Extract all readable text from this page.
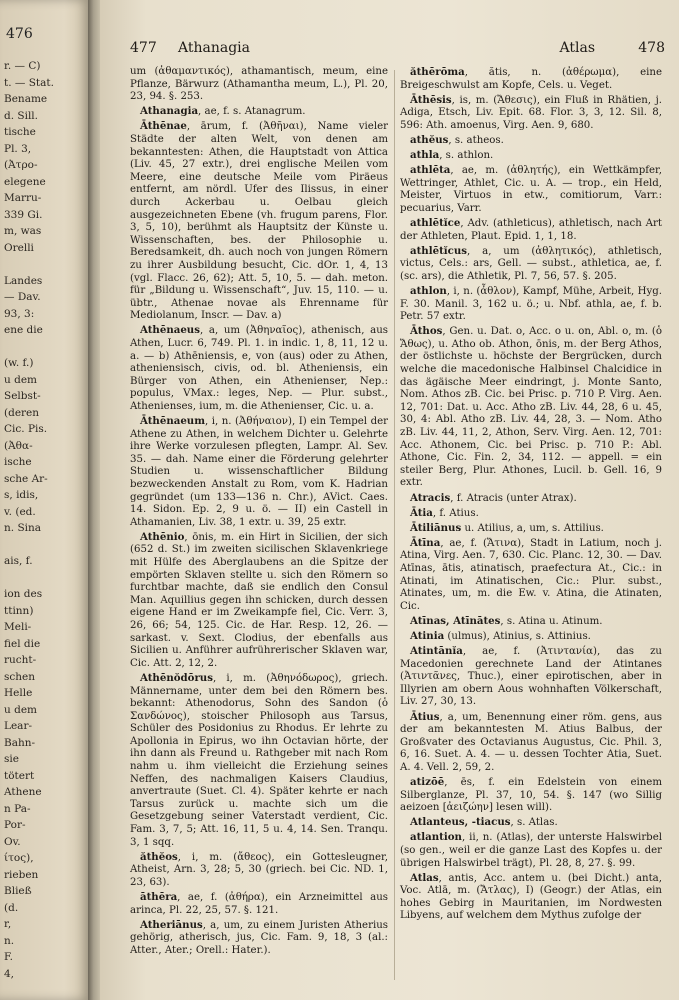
476
r. — C)
t. — Stat.
Bename
d. Sill.
tische
Pl. 3,
(Ἀτρο-
elegene
Marru-
339 Gi.
m, was
Orelli
Landes
— Dav.
93, 3:
ene die
(w. f.)
u dem
Selbst-
(deren
Cic. Pis.
(Ἀθα-
ische
sche Ar-
s, idis,
v. (ed.
n. Sina
ais, f.
ion des
ttinn)
Meli-
fiel die
rucht-
schen
Helle
u dem
Lear-
Bahn-
sie
tötert
Athene
n Pa-
Por-
Ov.
ίτος),
rieben
Bließ
(d.
r,
n.
F.
4,
477 Athanagia	Atlas	478

um (ἀθαμαντικός), athamantisch, meum, eine Pflanze, Bärwurz (Athamantha meum, L.), Pl. 20, 23, 94. §. 253.

Athanagia, ae, f. s. Atanagrum.

Āthēnae, ārum, f. (Ἀθῆναι), Name vieler Städte der alten Welt, von denen am bekanntesten: Athen, die Hauptstadt von Attica (Liv. 45, 27 extr.), drei englische Meilen vom Meere, eine deutsche Meile vom Piräeus entfernt, am nördl. Ufer des Ilissus, in einer durch Ackerbau u. Oelbau gleich ausgezeichneten Ebene (vh. frugum parens, Flor. 3, 5, 10), berühmt als Hauptsitz der Künste u. Wissenschaften, bes. der Philosophie u. Beredsamkeit, dh. auch noch von jungen Römern zu ihrer Ausbildung besucht, Cic. dOr. 1, 4, 13 (vgl. Flacc. 26, 62); Att. 5, 10, 5. — dah. meton. für „Bildung u. Wissenschaft“, Juv. 15, 110. — u. übtr., Athenae novae als Ehrenname für Mediolanum, Inscr. — Dav. a)

Athēnaeus, a, um (Ἀθηναῖος), athenisch, aus Athen, Lucr. 6, 749. Pl. 1. in indic. 1, 8, 11, 12 u. a. — b) Athēniensis, e, von (aus) oder zu Athen, atheniensisch, civis, od. bl. Atheniensis, ein Bürger von Athen, ein Athenienser, Nep.: populus, VMax.: leges, Nep. — Plur. subst., Athenienses, ium, m. die Athenienser, Cic. u. a.

Āthēnaeum, i, n. (Ἀθήναιον), I) ein Tempel der Athene zu Athen, in welchem Dichter u. Gelehrte ihre Werke vorzulesen pflegten, Lampr. Al. Sev. 35. — dah. Name einer die Förderung gelehrter Studien u. wissenschaftlicher Bildung bezweckenden Anstalt zu Rom, vom K. Hadrian gegründet (um 133—136 n. Chr.), AVict. Caes. 14. Sidon. Ep. 2, 9 u. ö. — II) ein Castell in Athamanien, Liv. 38, 1 extr. u. 39, 25 extr.

Athēnio, ōnis, m. ein Hirt in Sicilien, der sich (652 d. St.) im zweiten sicilischen Sklavenkriege mit Hülfe des Aberglaubens an die Spitze der empörten Sklaven stellte u. sich den Römern so furchtbar machte, daß sie endlich den Consul Man. Aquillius gegen ihn schicken, durch dessen eigene Hand er im Zweikampfe fiel, Cic. Verr. 3, 26, 66; 54, 125. Cic. de Har. Resp. 12, 26. — sarkast. v. Sext. Clodius, der ebenfalls aus Sicilien u. Anführer aufrührerischer Sklaven war, Cic. Att. 2, 12, 2.

Athēnŏdōrus, i, m. (Ἀθηνόδωρος), griech. Männername, unter dem bei den Römern bes. bekannt: Athenodorus, Sohn des Sandon (ὁ Σανδώνος), stoischer Philosoph aus Tarsus, Schüler des Posidonius zu Rhodus. Er lehrte zu Apollonia in Epirus, wo ihn Octavian hörte, der ihn dann als Freund u. Rathgeber mit nach Rom nahm u. ihm vielleicht die Erziehung seines Neffen, des nachmaligen Kaisers Claudius, anvertraute (Suet. Cl. 4). Später kehrte er nach Tarsus zurück u. machte sich um die Gesetzgebung seiner Vaterstadt verdient, Cic. Fam. 3, 7, 5; Att. 16, 11, 5 u. 4, 14. Sen. Tranqu. 3, 1 sqq.

ăthĕos, i, m. (ἄθεος), ein Gottesleugner, Atheist, Arn. 3, 28; 5, 30 (griech. bei Cic. ND. 1, 23, 63).

āthēra, ae, f. (ἀθήρα), ein Arzneimittel aus arinca, Pl. 22, 25, 57. §. 121.

Atheriānus, a, um, zu einem Juristen Atherius gehörig, atherisch, jus, Cic. Fam. 9, 18, 3 (al.: Atter., Ater.; Orell.: Hater.).

ăthērōma, ătis, n. (ἀθέρωμα), eine Breigeschwulst am Kopfe, Cels. u. Veget.

Āthēsis, is, m. (Ἄθεσις), ein Fluß in Rhätien, j. Adiga, Etsch, Liv. Epit. 68. Flor. 3, 3, 12. Sil. 8, 596: Ath. amoenus, Virg. Aen. 9, 680.

athĕus, s. atheos.

athla, s. athlon.

athlēta, ae, m. (ἀθλητής), ein Wettkämpfer, Wettringer, Athlet, Cic. u. A. — trop., ein Held, Meister, Virtuos in etw., comitiorum, Varr.: pecuarius, Varr.

athlētĭce, Adv. (athleticus), athletisch, nach Art der Athleten, Plaut. Epid. 1, 1, 18.

athlētĭcus, a, um (ἀθλητικός), athletisch, victus, Cels.: ars, Gell. — subst., athletica, ae, f. (sc. ars), die Athletik, Pl. 7, 56, 57. §. 205.

athlon, i, n. (ἆθλον), Kampf, Mühe, Arbeit, Hyg. F. 30. Manil. 3, 162 u. ö.; u. Nbf. athla, ae, f. b. Petr. 57 extr.

Āthos, Gen. u. Dat. o, Acc. o u. on, Abl. o, m. (ὁ Ἄθως), u. Atho ob. Athon, ōnis, m. der Berg Athos, der östlichste u. höchste der Bergrücken, durch welche die macedonische Halbinsel Chalcidice in das ägäische Meer eindringt, j. Monte Santo, Nom. Athos zB. Cic. bei Prisc. p. 710 P. Virg. Aen. 12, 701: Dat. u. Acc. Atho zB. Liv. 44, 28, 6 u. 45, 30, 4: Abl. Atho zB. Liv. 44, 28, 3. — Nom. Atho zB. Liv. 44, 11, 2, Athon, Serv. Virg. Aen. 12, 701: Acc. Athonem, Cic. bei Prisc. p. 710 P.: Abl. Athone, Cic. Fin. 2, 34, 112. — appell. = ein steiler Berg, Plur. Athones, Lucil. b. Gell. 16, 9 extr.

Atracis, f. Atracis (unter Atrax).

Ātia, f. Atius.

Ātiliānus u. Atilius, a, um, s. Attilius.

Ātīna, ae, f. (Ἄτινα), Stadt in Latium, noch j. Atina, Virg. Aen. 7, 630. Cic. Planc. 12, 30. — Dav. Atīnas, ātis, atinatisch, praefectura At., Cic.: in Atinati, im Atinatischen, Cic.: Plur. subst., Atinates, um, m. die Ew. v. Atina, die Atinaten, Cic.

Atīnas, Atīnātes, s. Atina u. Atinum.

Atinia (ulmus), Atinius, s. Attinius.

Atintānĭa, ae, f. (Ἀτιντανία), das zu Macedonien gerechnete Land der Atintanes (Ἀτιντᾶνες, Thuc.), einer epirotischen, aber in Illyrien am obern Aous wohnhaften Völkerschaft, Liv. 27, 30, 13.

Ātius, a, um, Benennung einer röm. gens, aus der am bekanntesten M. Atius Balbus, der Großvater des Octavianus Augustus, Cic. Phil. 3, 6, 16. Suet. A. 4. — u. dessen Tochter Atia, Suet. A. 4. Vell. 2, 59, 2.

atizōē, ēs, f. ein Edelstein von einem Silberglanze, Pl. 37, 10, 54. §. 147 (wo Sillig aeizoen [ἀειζώην] lesen will).

Atlanteus, -tiacus, s. Atlas.

atlantion, ii, n. (Atlas), der unterste Halswirbel (so gen., weil er die ganze Last des Kopfes u. der übrigen Halswirbel trägt), Pl. 28, 8, 27. §. 99.

Atlas, antis, Acc. antem u. (bei Dicht.) anta, Voc. Atlā, m. (Ἄτλας), I) (Geogr.) der Atlas, ein hohes Gebirg in Mauritanien, im Nordwesten Libyens, auf welchem dem Mythus zufolge der
